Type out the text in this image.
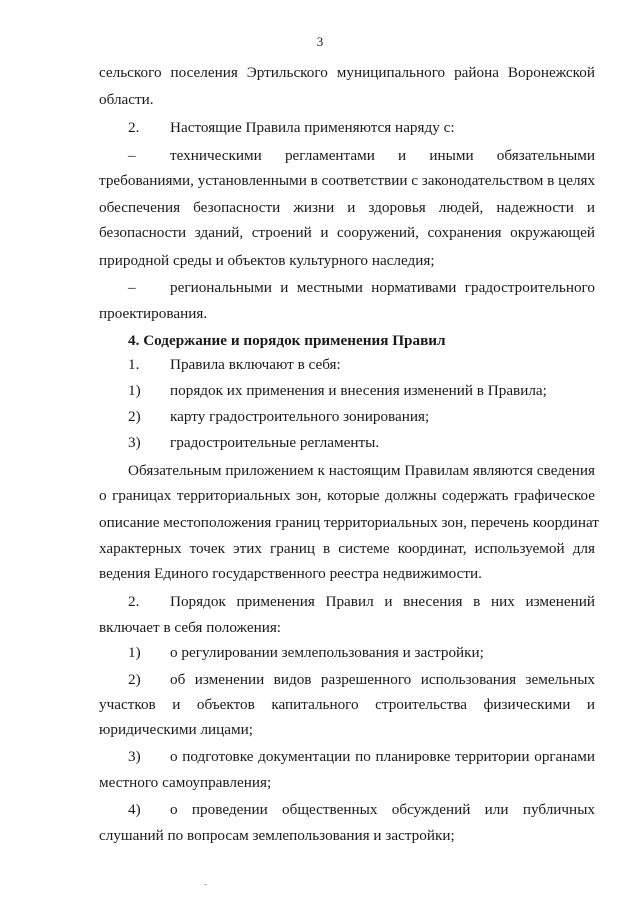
3
сельского поселения Эртильского муниципального района Воронежской
области.
2. Настоящие Правила применяются наряду с:
– техническими регламентами и иными обязательными
требованиями, установленными в соответствии с законодательством в целях
обеспечения безопасности жизни и здоровья людей, надежности и
безопасности зданий, строений и сооружений, сохранения окружающей
природной среды и объектов культурного наследия;
– региональными и местными нормативами градостроительного
проектирования.
4. Содержание и порядок применения Правил
1. Правила включают в себя:
1) порядок их применения и внесения изменений в Правила;
2) карту градостроительного зонирования;
3) градостроительные регламенты.
Обязательным приложением к настоящим Правилам являются сведения
о границах территориальных зон, которые должны содержать графическое
описание местоположения границ территориальных зон, перечень координат
характерных точек этих границ в системе координат, используемой для
ведения Единого государственного реестра недвижимости.
2. Порядок применения Правил и внесения в них изменений
включает в себя положения:
1) о регулировании землепользования и застройки;
2) об изменении видов разрешенного использования земельных
участков и объектов капитального строительства физическими и
юридическими лицами;
3) о подготовке документации по планировке территории органами
местного самоуправления;
4) о проведении общественных обсуждений или публичных
слушаний по вопросам землепользования и застройки;
